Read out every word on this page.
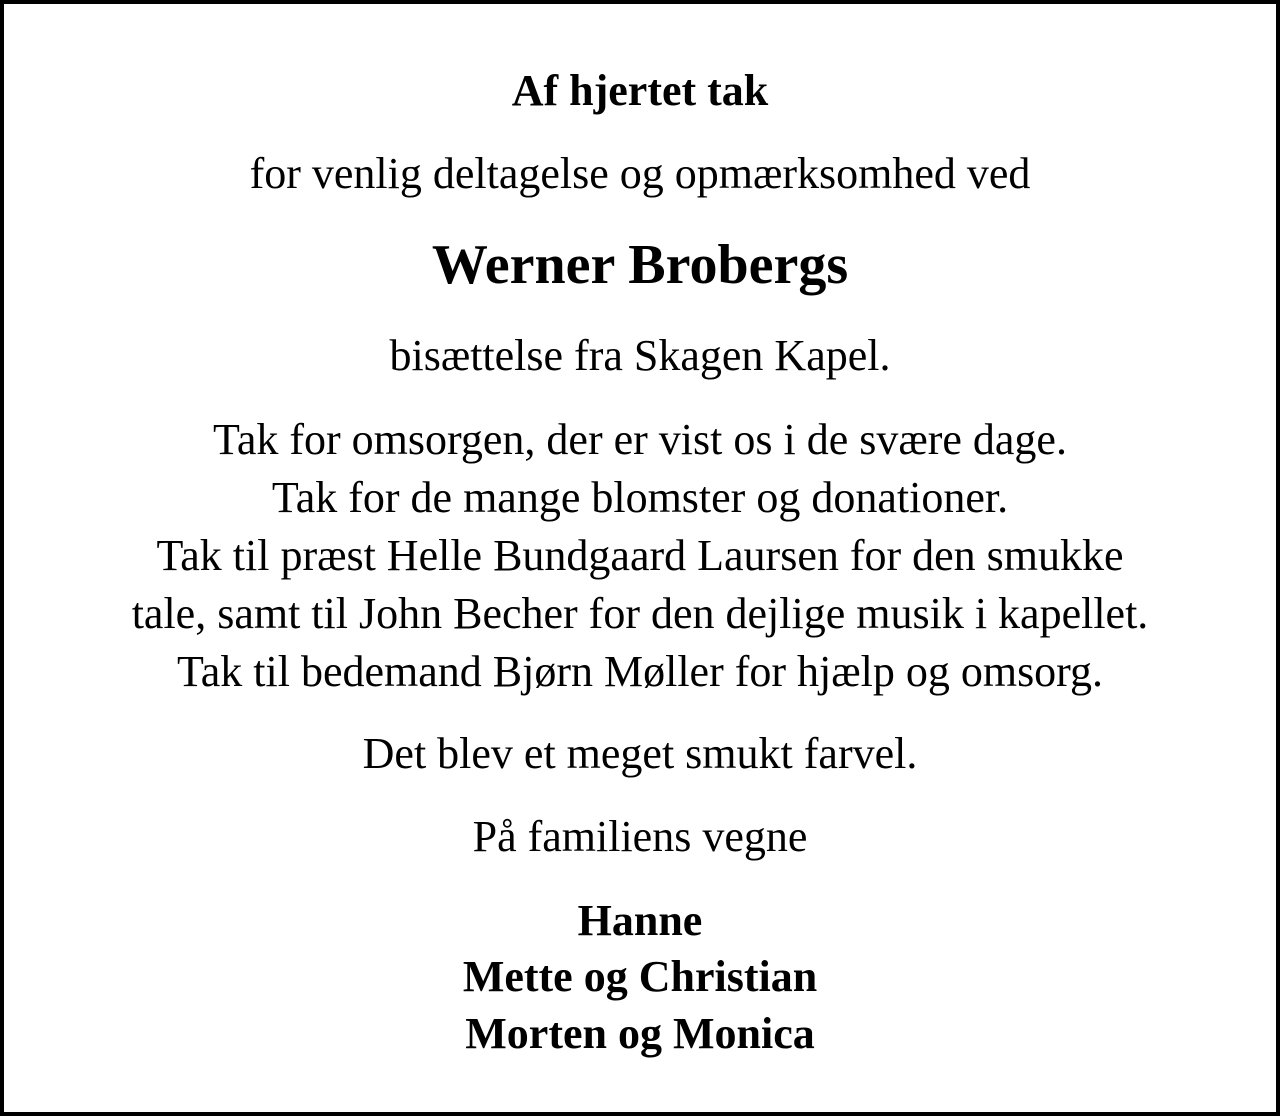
Af hjertet tak
for venlig deltagelse og opmærksomhed ved
Werner Brobergs
bisættelse fra Skagen Kapel.
Tak for omsorgen, der er vist os i de svære dage.
Tak for de mange blomster og donationer.
Tak til præst Helle Bundgaard Laursen for den smukke
tale, samt til John Becher for den dejlige musik i kapellet.
Tak til bedemand Bjørn Møller for hjælp og omsorg.
Det blev et meget smukt farvel.
På familiens vegne
Hanne
Mette og Christian
Morten og Monica
